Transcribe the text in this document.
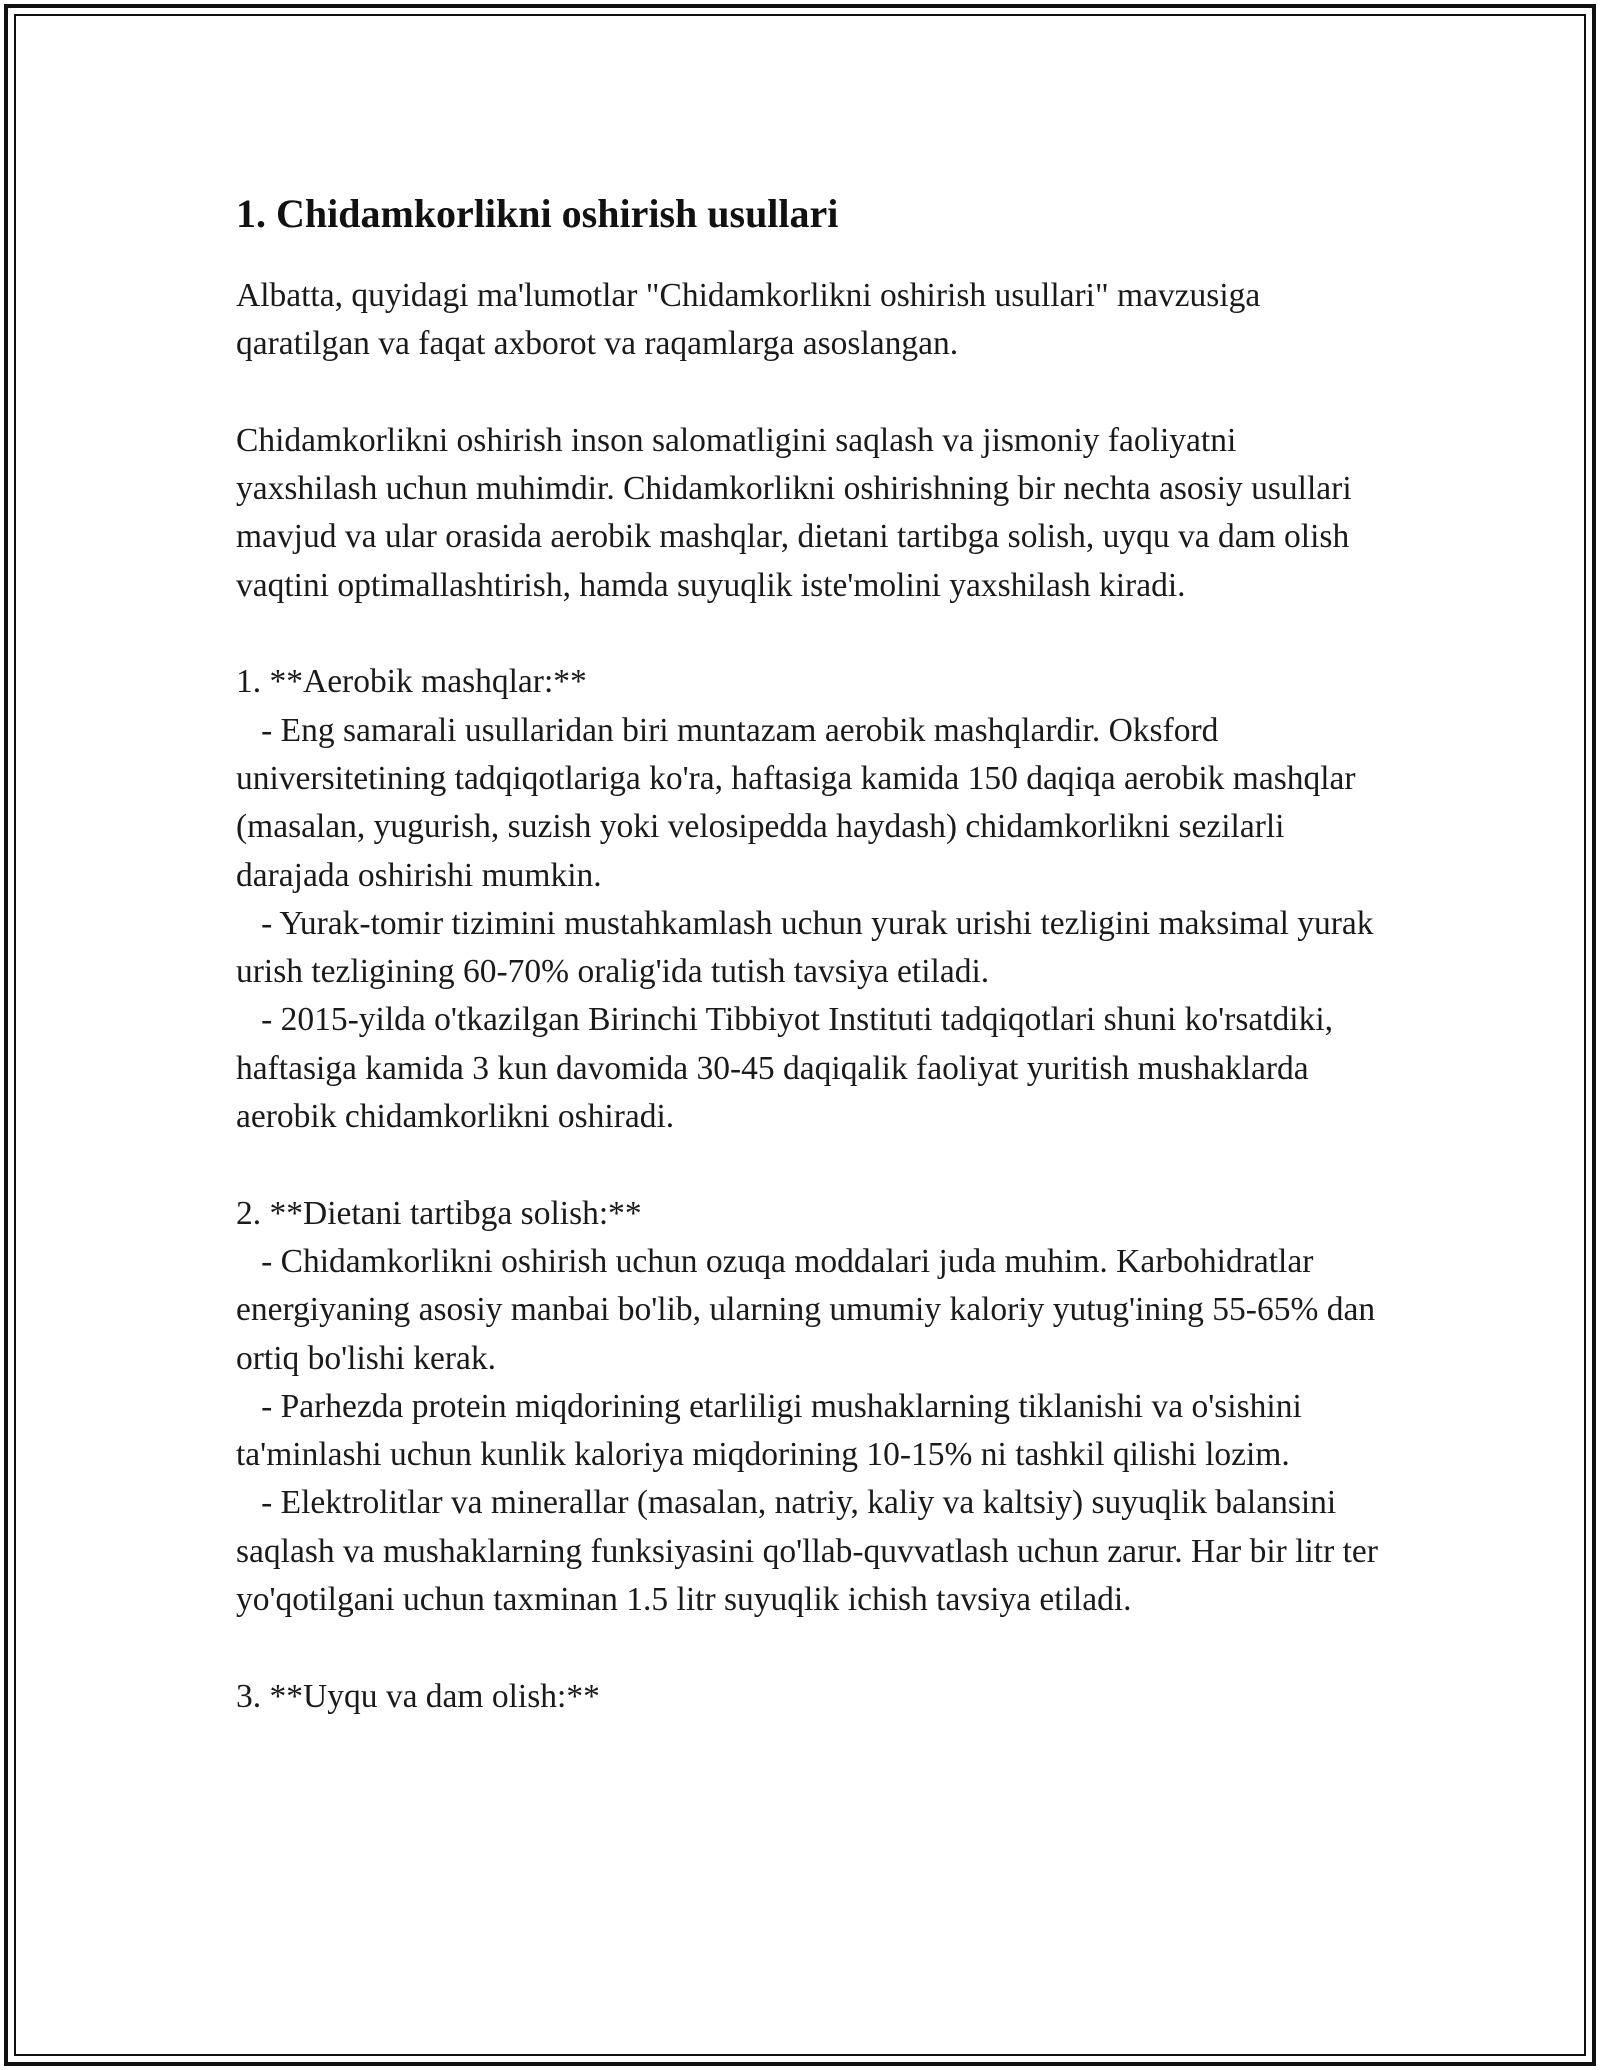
1. Chidamkorlikni oshirish usullari

Albatta, quyidagi ma'lumotlar "Chidamkorlikni oshirish usullari" mavzusiga qaratilgan va faqat axborot va raqamlarga asoslangan.

Chidamkorlikni oshirish inson salomatligini saqlash va jismoniy faoliyatni yaxshilash uchun muhimdir. Chidamkorlikni oshirishning bir nechta asosiy usullari mavjud va ular orasida aerobik mashqlar, dietani tartibga solish, uyqu va dam olish vaqtini optimallashtirish, hamda suyuqlik iste'molini yaxshilash kiradi.

1. **Aerobik mashqlar:**
- Eng samarali usullaridan biri muntazam aerobik mashqlardir. Oksford universitetining tadqiqotlariga ko'ra, haftasiga kamida 150 daqiqa aerobik mashqlar (masalan, yugurish, suzish yoki velosipedda haydash) chidamkorlikni sezilarli darajada oshirishi mumkin.
- Yurak-tomir tizimini mustahkamlash uchun yurak urishi tezligini maksimal yurak urish tezligining 60-70% oralig'ida tutish tavsiya etiladi.
- 2015-yilda o'tkazilgan Birinchi Tibbiyot Instituti tadqiqotlari shuni ko'rsatdiki, haftasiga kamida 3 kun davomida 30-45 daqiqalik faoliyat yuritish mushaklarda aerobik chidamkorlikni oshiradi.

2. **Dietani tartibga solish:**
- Chidamkorlikni oshirish uchun ozuqa moddalari juda muhim. Karbohidratlar energiyaning asosiy manbai bo'lib, ularning umumiy kaloriy yutug'ining 55-65% dan ortiq bo'lishi kerak.
- Parhezda protein miqdorining etarliligi mushaklarning tiklanishi va o'sishini ta'minlashi uchun kunlik kaloriya miqdorining 10-15% ni tashkil qilishi lozim.
- Elektrolitlar va minerallar (masalan, natriy, kaliy va kaltsiy) suyuqlik balansini saqlash va mushaklarning funksiyasini qo'llab-quvvatlash uchun zarur. Har bir litr ter yo'qotilgani uchun taxminan 1.5 litr suyuqlik ichish tavsiya etiladi.

3. **Uyqu va dam olish:**
